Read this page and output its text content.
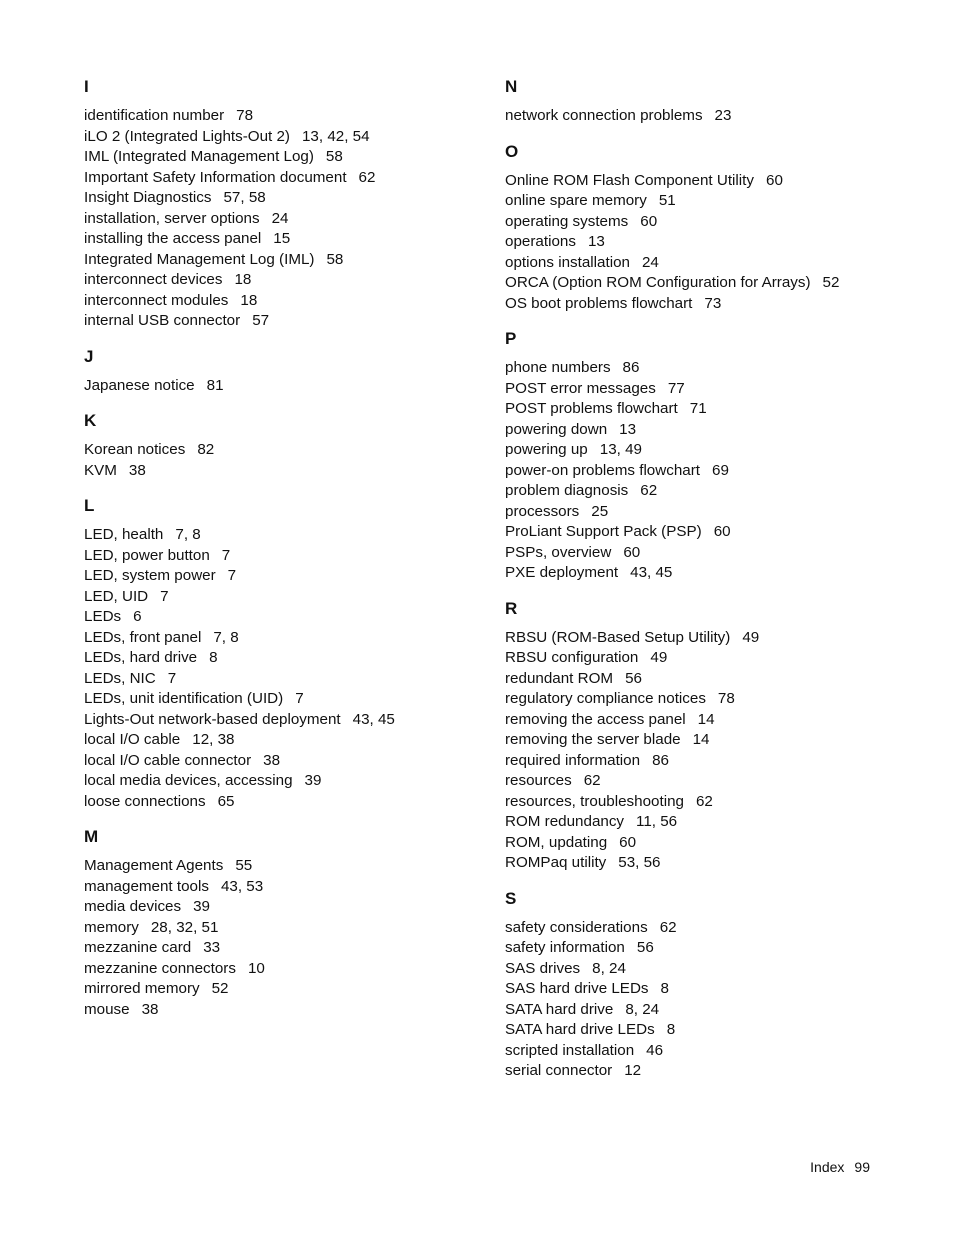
I
identification number 78
iLO 2 (Integrated Lights-Out 2) 13, 42, 54
IML (Integrated Management Log) 58
Important Safety Information document 62
Insight Diagnostics 57, 58
installation, server options 24
installing the access panel 15
Integrated Management Log (IML) 58
interconnect devices 18
interconnect modules 18
internal USB connector 57
J
Japanese notice 81
K
Korean notices 82
KVM 38
L
LED, health 7, 8
LED, power button 7
LED, system power 7
LED, UID 7
LEDs 6
LEDs, front panel 7, 8
LEDs, hard drive 8
LEDs, NIC 7
LEDs, unit identification (UID) 7
Lights-Out network-based deployment 43, 45
local I/O cable 12, 38
local I/O cable connector 38
local media devices, accessing 39
loose connections 65
M
Management Agents 55
management tools 43, 53
media devices 39
memory 28, 32, 51
mezzanine card 33
mezzanine connectors 10
mirrored memory 52
mouse 38
N
network connection problems 23
O
Online ROM Flash Component Utility 60
online spare memory 51
operating systems 60
operations 13
options installation 24
ORCA (Option ROM Configuration for Arrays) 52
OS boot problems flowchart 73
P
phone numbers 86
POST error messages 77
POST problems flowchart 71
powering down 13
powering up 13, 49
power-on problems flowchart 69
problem diagnosis 62
processors 25
ProLiant Support Pack (PSP) 60
PSPs, overview 60
PXE deployment 43, 45
R
RBSU (ROM-Based Setup Utility) 49
RBSU configuration 49
redundant ROM 56
regulatory compliance notices 78
removing the access panel 14
removing the server blade 14
required information 86
resources 62
resources, troubleshooting 62
ROM redundancy 11, 56
ROM, updating 60
ROMPaq utility 53, 56
S
safety considerations 62
safety information 56
SAS drives 8, 24
SAS hard drive LEDs 8
SATA hard drive 8, 24
SATA hard drive LEDs 8
scripted installation 46
serial connector 12
Index 99
